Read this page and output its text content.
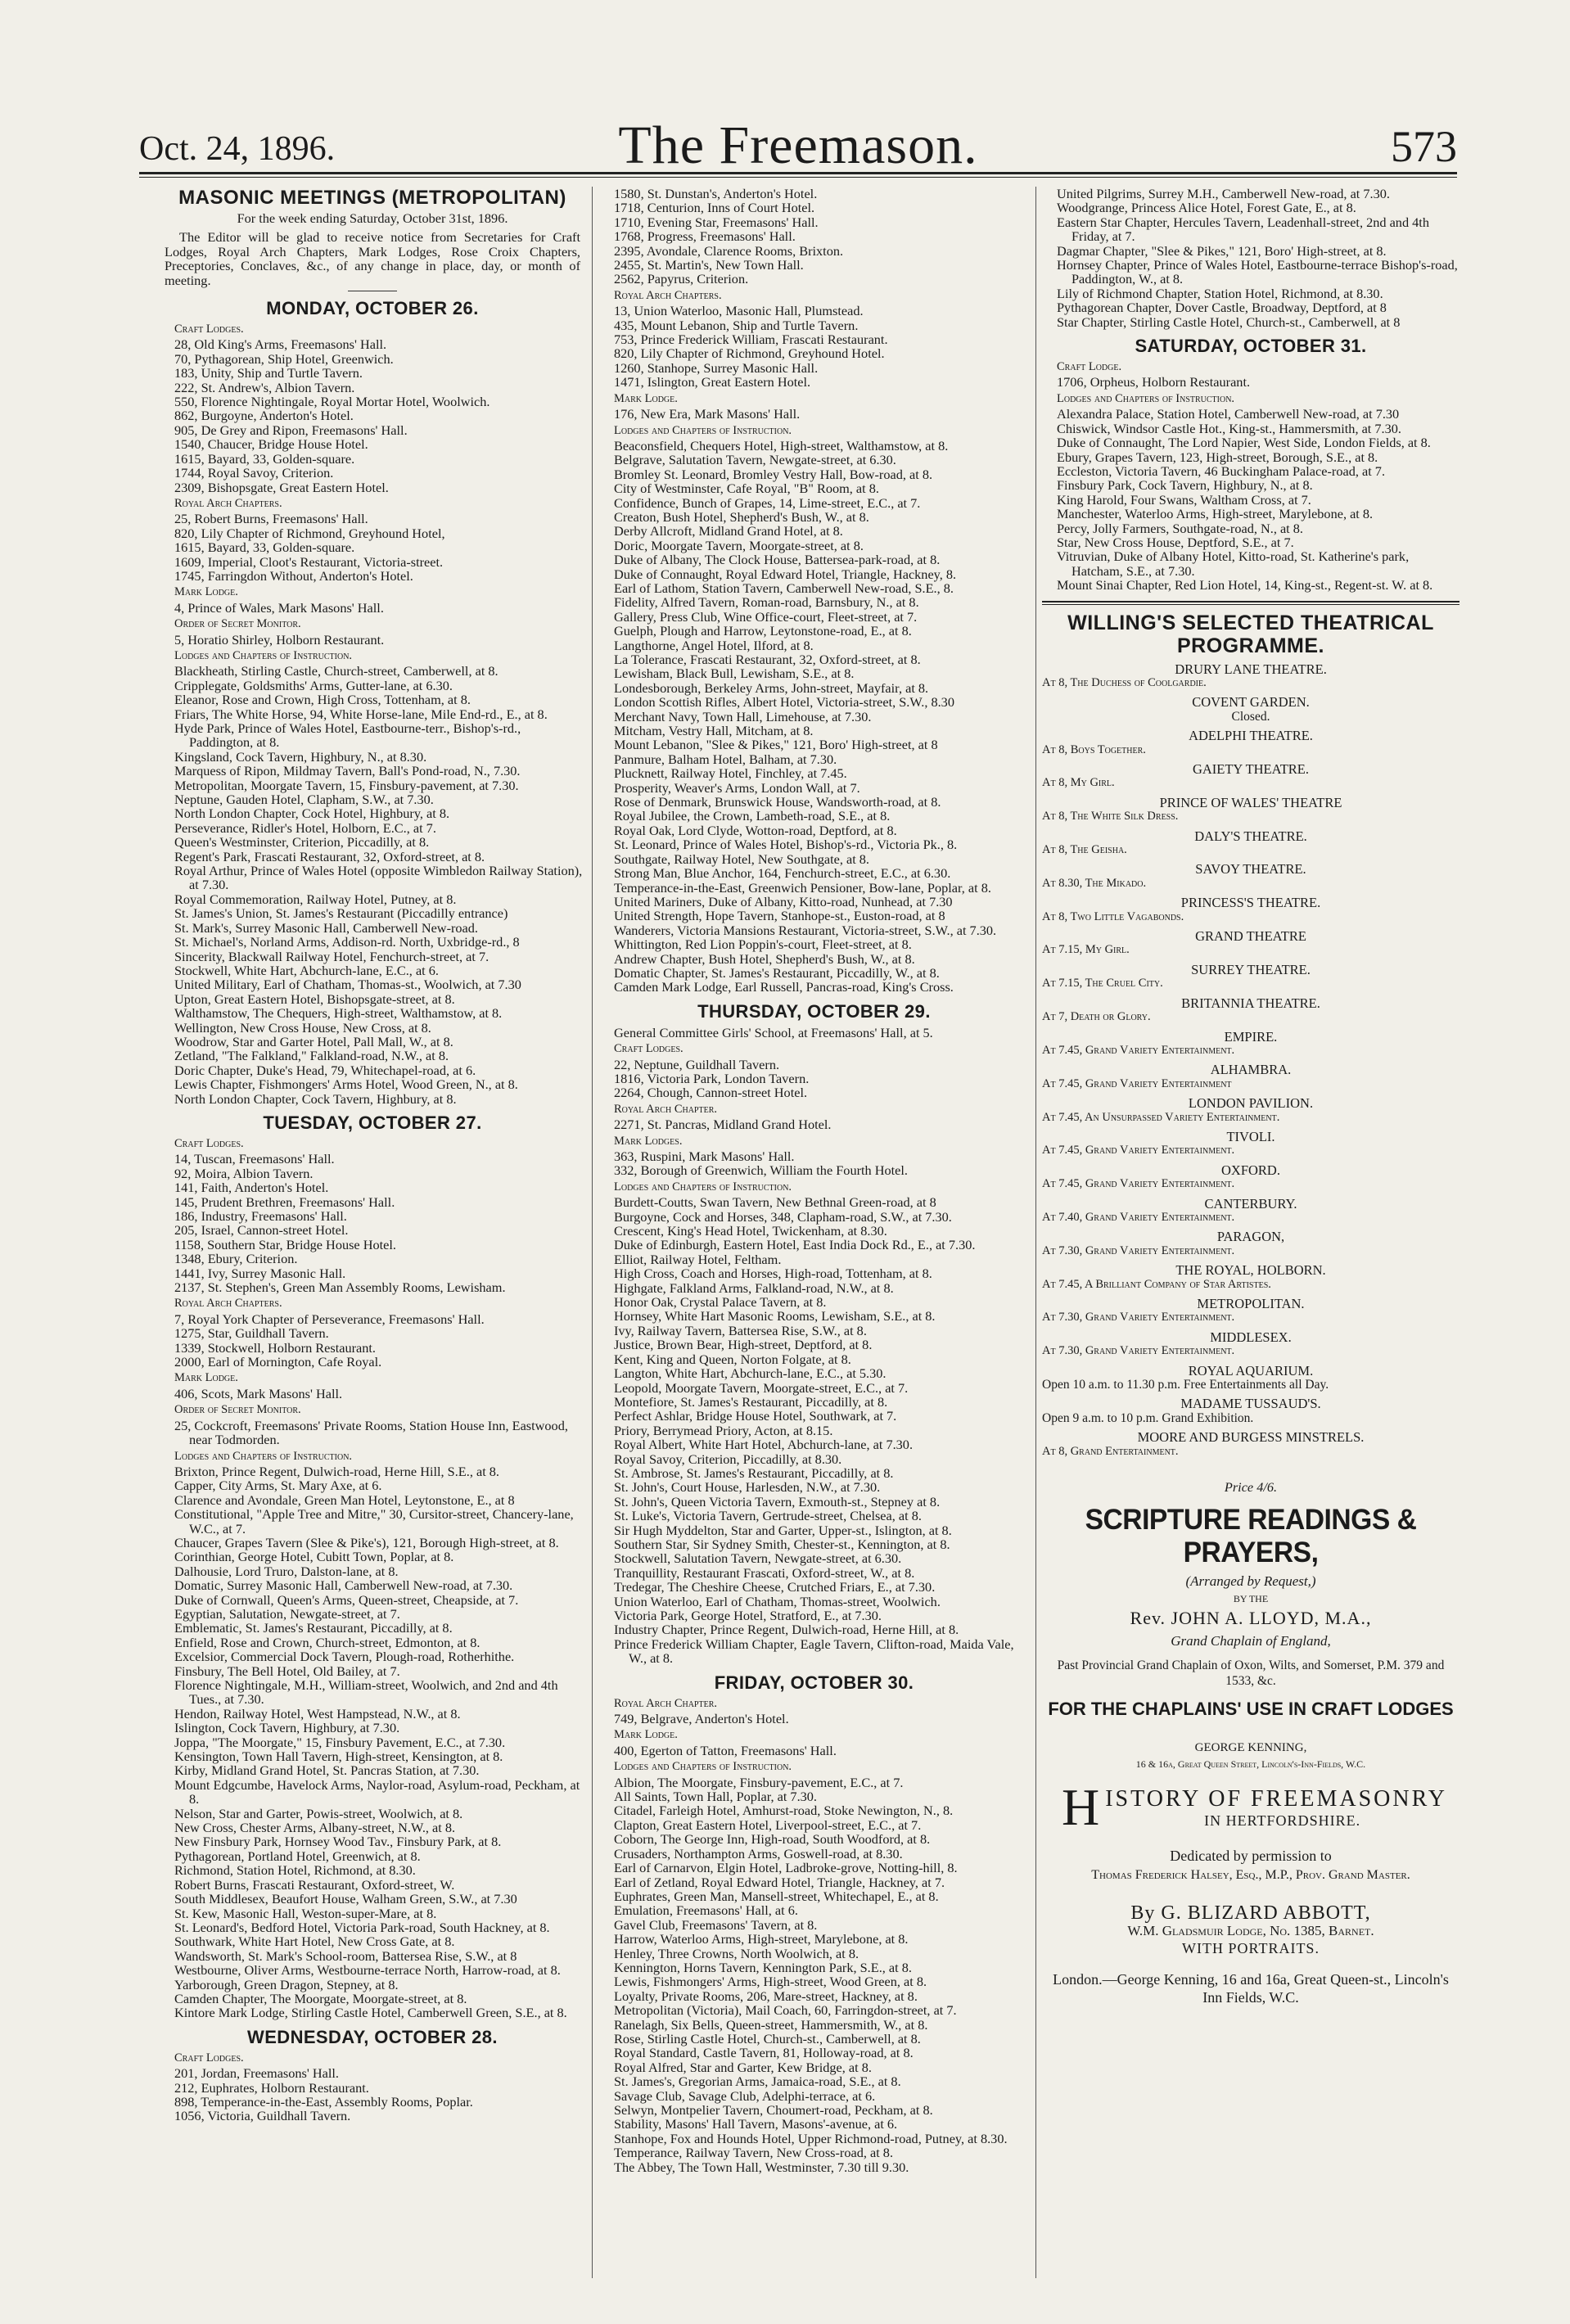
Oct. 24, 1896.	The Freemason.	573
MASONIC MEETINGS (METROPOLITAN)
For the week ending Saturday, October 31st, 1896.
The Editor will be glad to receive notice from Secretaries for Craft Lodges, Royal Arch Chapters, Mark Lodges, Rose Croix Chapters, Preceptories, Conclaves, &c., of any change in place, day, or month of meeting.
MONDAY, OCTOBER 26.
Craft Lodges.
28, Old King's Arms, Freemasons' Hall.
70, Pythagorean, Ship Hotel, Greenwich.
183, Unity, Ship and Turtle Tavern.
222, St. Andrew's, Albion Tavern.
550, Florence Nightingale, Royal Mortar Hotel, Woolwich.
862, Burgoyne, Anderton's Hotel.
905, De Grey and Ripon, Freemasons' Hall.
1540, Chaucer, Bridge House Hotel.
1615, Bayard, 33, Golden-square.
1744, Royal Savoy, Criterion.
2309, Bishopsgate, Great Eastern Hotel.
Royal Arch Chapters.
25, Robert Burns, Freemasons' Hall.
820, Lily Chapter of Richmond, Greyhound Hotel,
1615, Bayard, 33, Golden-square.
1609, Imperial, Cloot's Restaurant, Victoria-street.
1745, Farringdon Without, Anderton's Hotel.
Mark Lodge.
4, Prince of Wales, Mark Masons' Hall.
Order of Secret Monitor.
5, Horatio Shirley, Holborn Restaurant.
Lodges and Chapters of Instruction.
Blackheath, Stirling Castle, Church-street, Camberwell, at 8.
Cripplegate, Goldsmiths' Arms, Gutter-lane, at 6.30.
Eleanor, Rose and Crown, High Cross, Tottenham, at 8.
Friars, The White Horse, 94, White Horse-lane, Mile End-rd., E., at 8.
Hyde Park, Prince of Wales Hotel, Eastbourne-terr., Bishop's-rd., Paddington, at 8.
Kingsland, Cock Tavern, Highbury, N., at 8.30.
Marquess of Ripon, Mildmay Tavern, Ball's Pond-road, N., 7.30.
Metropolitan, Moorgate Tavern, 15, Finsbury-pavement, at 7.30.
Neptune, Gauden Hotel, Clapham, S.W., at 7.30.
North London Chapter, Cock Hotel, Highbury, at 8.
Perseverance, Ridler's Hotel, Holborn, E.C., at 7.
Queen's Westminster, Criterion, Piccadilly, at 8.
Regent's Park, Frascati Restaurant, 32, Oxford-street, at 8.
Royal Arthur, Prince of Wales Hotel (opposite Wimbledon Railway Station), at 7.30.
Royal Commemoration, Railway Hotel, Putney, at 8.
St. James's Union, St. James's Restaurant (Piccadilly entrance)
St. Mark's, Surrey Masonic Hall, Camberwell New-road.
St. Michael's, Norland Arms, Addison-rd. North, Uxbridge-rd., 8
Sincerity, Blackwall Railway Hotel, Fenchurch-street, at 7.
Stockwell, White Hart, Abchurch-lane, E.C., at 6.
United Military, Earl of Chatham, Thomas-st., Woolwich, at 7.30
Upton, Great Eastern Hotel, Bishopsgate-street, at 8.
Walthamstow, The Chequers, High-street, Walthamstow, at 8.
Wellington, New Cross House, New Cross, at 8.
Woodrow, Star and Garter Hotel, Pall Mall, W., at 8.
Zetland, "The Falkland," Falkland-road, N.W., at 8.
Doric Chapter, Duke's Head, 79, Whitechapel-road, at 6.
Lewis Chapter, Fishmongers' Arms Hotel, Wood Green, N., at 8.
North London Chapter, Cock Tavern, Highbury, at 8.
TUESDAY, OCTOBER 27.
Craft Lodges.
14, Tuscan, Freemasons' Hall.
92, Moira, Albion Tavern.
141, Faith, Anderton's Hotel.
145, Prudent Brethren, Freemasons' Hall.
186, Industry, Freemasons' Hall.
205, Israel, Cannon-street Hotel.
1158, Southern Star, Bridge House Hotel.
1348, Ebury, Criterion.
1441, Ivy, Surrey Masonic Hall.
2137, St. Stephen's, Green Man Assembly Rooms, Lewisham.
Royal Arch Chapters.
7, Royal York Chapter of Perseverance, Freemasons' Hall.
1275, Star, Guildhall Tavern.
1339, Stockwell, Holborn Restaurant.
2000, Earl of Mornington, Cafe Royal.
Mark Lodge.
406, Scots, Mark Masons' Hall.
Order of Secret Monitor.
25, Cockcroft, Freemasons' Private Rooms, Station House Inn, Eastwood, near Todmorden.
Lodges and Chapters of Instruction.
Brixton, Prince Regent, Dulwich-road, Herne Hill, S.E., at 8.
Capper, City Arms, St. Mary Axe, at 6.
Clarence and Avondale, Green Man Hotel, Leytonstone, E., at 8
Constitutional, "Apple Tree and Mitre," 30, Cursitor-street, Chancery-lane, W.C., at 7.
Chaucer, Grapes Tavern (Slee & Pike's), 121, Borough High-street, at 8.
Corinthian, George Hotel, Cubitt Town, Poplar, at 8.
Dalhousie, Lord Truro, Dalston-lane, at 8.
Domatic, Surrey Masonic Hall, Camberwell New-road, at 7.30.
Duke of Cornwall, Queen's Arms, Queen-street, Cheapside, at 7.
Egyptian, Salutation, Newgate-street, at 7.
Emblematic, St. James's Restaurant, Piccadilly, at 8.
Enfield, Rose and Crown, Church-street, Edmonton, at 8.
Excelsior, Commercial Dock Tavern, Plough-road, Rotherhithe.
Finsbury, The Bell Hotel, Old Bailey, at 7.
Florence Nightingale, M.H., William-street, Woolwich, and 2nd and 4th Tues., at 7.30.
Hendon, Railway Hotel, West Hampstead, N.W., at 8.
Islington, Cock Tavern, Highbury, at 7.30.
Joppa, "The Moorgate," 15, Finsbury Pavement, E.C., at 7.30.
Kensington, Town Hall Tavern, High-street, Kensington, at 8.
Kirby, Midland Grand Hotel, St. Pancras Station, at 7.30.
Mount Edgcumbe, Havelock Arms, Naylor-road, Asylum-road, Peckham, at 8.
Nelson, Star and Garter, Powis-street, Woolwich, at 8.
New Cross, Chester Arms, Albany-street, N.W., at 8.
New Finsbury Park, Hornsey Wood Tav., Finsbury Park, at 8.
Pythagorean, Portland Hotel, Greenwich, at 8.
Richmond, Station Hotel, Richmond, at 8.30.
Robert Burns, Frascati Restaurant, Oxford-street, W.
South Middlesex, Beaufort House, Walham Green, S.W., at 7.30
St. Kew, Masonic Hall, Weston-super-Mare, at 8.
St. Leonard's, Bedford Hotel, Victoria Park-road, South Hackney, at 8.
Southwark, White Hart Hotel, New Cross Gate, at 8.
Wandsworth, St. Mark's School-room, Battersea Rise, S.W., at 8
Westbourne, Oliver Arms, Westbourne-terrace North, Harrow-road, at 8.
Yarborough, Green Dragon, Stepney, at 8.
Camden Chapter, The Moorgate, Moorgate-street, at 8.
Kintore Mark Lodge, Stirling Castle Hotel, Camberwell Green, S.E., at 8.
WEDNESDAY, OCTOBER 28.
Craft Lodges.
201, Jordan, Freemasons' Hall.
212, Euphrates, Holborn Restaurant.
898, Temperance-in-the-East, Assembly Rooms, Poplar.
1056, Victoria, Guildhall Tavern.
1580, St. Dunstan's, Anderton's Hotel.
1718, Centurion, Inns of Court Hotel.
1710, Evening Star, Freemasons' Hall.
1768, Progress, Freemasons' Hall.
2395, Avondale, Clarence Rooms, Brixton.
2455, St. Martin's, New Town Hall.
2562, Papyrus, Criterion.
Royal Arch Chapters.
13, Union Waterloo, Masonic Hall, Plumstead.
435, Mount Lebanon, Ship and Turtle Tavern.
753, Prince Frederick William, Frascati Restaurant.
820, Lily Chapter of Richmond, Greyhound Hotel.
1260, Stanhope, Surrey Masonic Hall.
1471, Islington, Great Eastern Hotel.
Mark Lodge.
176, New Era, Mark Masons' Hall.
Lodges and Chapters of Instruction.
Beaconsfield, Chequers Hotel, High-street, Walthamstow, at 8.
Belgrave, Salutation Tavern, Newgate-street, at 6.30.
Bromley St. Leonard, Bromley Vestry Hall, Bow-road, at 8.
City of Westminster, Cafe Royal, "B" Room, at 8.
Confidence, Bunch of Grapes, 14, Lime-street, E.C., at 7.
Creaton, Bush Hotel, Shepherd's Bush, W., at 8.
Derby Allcroft, Midland Grand Hotel, at 8.
Doric, Moorgate Tavern, Moorgate-street, at 8.
Duke of Albany, The Clock House, Battersea-park-road, at 8.
Duke of Connaught, Royal Edward Hotel, Triangle, Hackney, 8.
Earl of Lathom, Station Tavern, Camberwell New-road, S.E., 8.
Fidelity, Alfred Tavern, Roman-road, Barnsbury, N., at 8.
Gallery, Press Club, Wine Office-court, Fleet-street, at 7.
Guelph, Plough and Harrow, Leytonstone-road, E., at 8.
Langthorne, Angel Hotel, Ilford, at 8.
La Tolerance, Frascati Restaurant, 32, Oxford-street, at 8.
Lewisham, Black Bull, Lewisham, S.E., at 8.
Londesborough, Berkeley Arms, John-street, Mayfair, at 8.
London Scottish Rifles, Albert Hotel, Victoria-street, S.W., 8.30
Merchant Navy, Town Hall, Limehouse, at 7.30.
Mitcham, Vestry Hall, Mitcham, at 8.
Mount Lebanon, "Slee & Pikes," 121, Boro' High-street, at 8
Panmure, Balham Hotel, Balham, at 7.30.
Plucknett, Railway Hotel, Finchley, at 7.45.
Prosperity, Weaver's Arms, London Wall, at 7.
Rose of Denmark, Brunswick House, Wandsworth-road, at 8.
Royal Jubilee, the Crown, Lambeth-road, S.E., at 8.
Royal Oak, Lord Clyde, Wotton-road, Deptford, at 8.
St. Leonard, Prince of Wales Hotel, Bishop's-rd., Victoria Pk., 8.
Southgate, Railway Hotel, New Southgate, at 8.
Strong Man, Blue Anchor, 164, Fenchurch-street, E.C., at 6.30.
Temperance-in-the-East, Greenwich Pensioner, Bow-lane, Poplar, at 8.
United Mariners, Duke of Albany, Kitto-road, Nunhead, at 7.30
United Strength, Hope Tavern, Stanhope-st., Euston-road, at 8
Wanderers, Victoria Mansions Restaurant, Victoria-street, S.W., at 7.30.
Whittington, Red Lion Poppin's-court, Fleet-street, at 8.
Andrew Chapter, Bush Hotel, Shepherd's Bush, W., at 8.
Domatic Chapter, St. James's Restaurant, Piccadilly, W., at 8.
Camden Mark Lodge, Earl Russell, Pancras-road, King's Cross.
THURSDAY, OCTOBER 29.
General Committee Girls' School, at Freemasons' Hall, at 5.
Craft Lodges.
22, Neptune, Guildhall Tavern.
1816, Victoria Park, London Tavern.
2264, Chough, Cannon-street Hotel.
Royal Arch Chapter.
2271, St. Pancras, Midland Grand Hotel.
Mark Lodges.
363, Ruspini, Mark Masons' Hall.
332, Borough of Greenwich, William the Fourth Hotel.
Lodges and Chapters of Instruction.
Burdett-Coutts, Swan Tavern, New Bethnal Green-road, at 8
Burgoyne, Cock and Horses, 348, Clapham-road, S.W., at 7.30.
Crescent, King's Head Hotel, Twickenham, at 8.30.
Duke of Edinburgh, Eastern Hotel, East India Dock Rd., E., at 7.30.
Elliot, Railway Hotel, Feltham.
High Cross, Coach and Horses, High-road, Tottenham, at 8.
Highgate, Falkland Arms, Falkland-road, N.W., at 8.
Honor Oak, Crystal Palace Tavern, at 8.
Hornsey, White Hart Masonic Rooms, Lewisham, S.E., at 8.
Ivy, Railway Tavern, Battersea Rise, S.W., at 8.
Justice, Brown Bear, High-street, Deptford, at 8.
Kent, King and Queen, Norton Folgate, at 8.
Langton, White Hart, Abchurch-lane, E.C., at 5.30.
Leopold, Moorgate Tavern, Moorgate-street, E.C., at 7.
Montefiore, St. James's Restaurant, Piccadilly, at 8.
Perfect Ashlar, Bridge House Hotel, Southwark, at 7.
Priory, Berrymead Priory, Acton, at 8.15.
Royal Albert, White Hart Hotel, Abchurch-lane, at 7.30.
Royal Savoy, Criterion, Piccadilly, at 8.30.
St. Ambrose, St. James's Restaurant, Piccadilly, at 8.
St. John's, Court House, Harlesden, N.W., at 7.30.
St. John's, Queen Victoria Tavern, Exmouth-st., Stepney at 8.
St. Luke's, Victoria Tavern, Gertrude-street, Chelsea, at 8.
Sir Hugh Myddelton, Star and Garter, Upper-st., Islington, at 8.
Southern Star, Sir Sydney Smith, Chester-st., Kennington, at 8.
Stockwell, Salutation Tavern, Newgate-street, at 6.30.
Tranquillity, Restaurant Frascati, Oxford-street, W., at 8.
Tredegar, The Cheshire Cheese, Crutched Friars, E., at 7.30.
Union Waterloo, Earl of Chatham, Thomas-street, Woolwich.
Victoria Park, George Hotel, Stratford, E., at 7.30.
Industry Chapter, Prince Regent, Dulwich-road, Herne Hill, at 8.
Prince Frederick William Chapter, Eagle Tavern, Clifton-road, Maida Vale, W., at 8.
FRIDAY, OCTOBER 30.
Royal Arch Chapter.
749, Belgrave, Anderton's Hotel.
Mark Lodge.
400, Egerton of Tatton, Freemasons' Hall.
Lodges and Chapters of Instruction.
Albion, The Moorgate, Finsbury-pavement, E.C., at 7.
All Saints, Town Hall, Poplar, at 7.30.
Citadel, Farleigh Hotel, Amhurst-road, Stoke Newington, N., 8.
Clapton, Great Eastern Hotel, Liverpool-street, E.C., at 7.
Coborn, The George Inn, High-road, South Woodford, at 8.
Crusaders, Northampton Arms, Goswell-road, at 8.30.
Earl of Carnarvon, Elgin Hotel, Ladbroke-grove, Notting-hill, 8.
Earl of Zetland, Royal Edward Hotel, Triangle, Hackney, at 7.
Euphrates, Green Man, Mansell-street, Whitechapel, E., at 8.
Emulation, Freemasons' Hall, at 6.
Gavel Club, Freemasons' Tavern, at 8.
Harrow, Waterloo Arms, High-street, Marylebone, at 8.
Henley, Three Crowns, North Woolwich, at 8.
Kennington, Horns Tavern, Kennington Park, S.E., at 8.
Lewis, Fishmongers' Arms, High-street, Wood Green, at 8.
Loyalty, Private Rooms, 206, Mare-street, Hackney, at 8.
Metropolitan (Victoria), Mail Coach, 60, Farringdon-street, at 7.
Ranelagh, Six Bells, Queen-street, Hammersmith, W., at 8.
Rose, Stirling Castle Hotel, Church-st., Camberwell, at 8.
Royal Standard, Castle Tavern, 81, Holloway-road, at 8.
Royal Alfred, Star and Garter, Kew Bridge, at 8.
St. James's, Gregorian Arms, Jamaica-road, S.E., at 8.
Savage Club, Savage Club, Adelphi-terrace, at 6.
Selwyn, Montpelier Tavern, Choumert-road, Peckham, at 8.
Stability, Masons' Hall Tavern, Masons'-avenue, at 6.
Stanhope, Fox and Hounds Hotel, Upper Richmond-road, Putney, at 8.30.
Temperance, Railway Tavern, New Cross-road, at 8.
The Abbey, The Town Hall, Westminster, 7.30 till 9.30.
United Pilgrims, Surrey M.H., Camberwell New-road, at 7.30.
Woodgrange, Princess Alice Hotel, Forest Gate, E., at 8.
Eastern Star Chapter, Hercules Tavern, Leadenhall-street, 2nd and 4th Friday, at 7.
Dagmar Chapter, "Slee & Pikes," 121, Boro' High-street, at 8.
Hornsey Chapter, Prince of Wales Hotel, Eastbourne-terrace Bishop's-road, Paddington, W., at 8.
Lily of Richmond Chapter, Station Hotel, Richmond, at 8.30.
Pythagorean Chapter, Dover Castle, Broadway, Deptford, at 8
Star Chapter, Stirling Castle Hotel, Church-st., Camberwell, at 8
SATURDAY, OCTOBER 31.
Craft Lodge.
1706, Orpheus, Holborn Restaurant.
Lodges and Chapters of Instruction.
Alexandra Palace, Station Hotel, Camberwell New-road, at 7.30
Chiswick, Windsor Castle Hot., King-st., Hammersmith, at 7.30.
Duke of Connaught, The Lord Napier, West Side, London Fields, at 8.
Ebury, Grapes Tavern, 123, High-street, Borough, S.E., at 8.
Eccleston, Victoria Tavern, 46 Buckingham Palace-road, at 7.
Finsbury Park, Cock Tavern, Highbury, N., at 8.
King Harold, Four Swans, Waltham Cross, at 7.
Manchester, Waterloo Arms, High-street, Marylebone, at 8.
Percy, Jolly Farmers, Southgate-road, N., at 8.
Star, New Cross House, Deptford, S.E., at 7.
Vitruvian, Duke of Albany Hotel, Kitto-road, St. Katherine's park, Hatcham, S.E., at 7.30.
Mount Sinai Chapter, Red Lion Hotel, 14, King-st., Regent-st. W. at 8.
WILLING'S SELECTED THEATRICAL PROGRAMME.
DRURY LANE THEATRE.
At 8, The Duchess of Coolgardie.
COVENT GARDEN.
Closed.
ADELPHI THEATRE.
At 8, Boys Together.
GAIETY THEATRE.
At 8, My Girl.
PRINCE OF WALES' THEATRE
At 8, The White Silk Dress.
DALY'S THEATRE.
At 8, The Geisha.
SAVOY THEATRE.
At 8.30, The Mikado.
PRINCESS'S THEATRE.
At 8, Two Little Vagabonds.
GRAND THEATRE
At 7.15, My Girl.
SURREY THEATRE.
At 7.15, The Cruel City.
BRITANNIA THEATRE.
At 7, Death or Glory.
EMPIRE.
At 7.45, Grand Variety Entertainment.
ALHAMBRA.
At 7.45, Grand Variety Entertainment
LONDON PAVILION.
At 7.45, An Unsurpassed Variety Entertainment.
TIVOLI.
At 7.45, Grand Variety Entertainment.
OXFORD.
At 7.45, Grand Variety Entertainment.
CANTERBURY.
At 7.40, Grand Variety Entertainment.
PARAGON,
At 7.30, Grand Variety Entertainment.
THE ROYAL, HOLBORN.
At 7.45, A Brilliant Company of Star Artistes.
METROPOLITAN.
At 7.30, Grand Variety Entertainment.
MIDDLESEX.
At 7.30, Grand Variety Entertainment.
ROYAL AQUARIUM.
Open 10 a.m. to 11.30 p.m. Free Entertainments all Day.
MADAME TUSSAUD'S.
Open 9 a.m. to 10 p.m. Grand Exhibition.
MOORE AND BURGESS MINSTRELS.
At 8, Grand Entertainment.
Price 4/6.
SCRIPTURE READINGS & PRAYERS,
(Arranged by Request,)
BY THE
Rev. JOHN A. LLOYD, M.A.,
Grand Chaplain of England,
Past Provincial Grand Chaplain of Oxon, Wilts, and Somerset, P.M. 379 and 1533, &c.
FOR THE CHAPLAINS' USE IN CRAFT LODGES
GEORGE KENNING,
16 & 16a, Great Queen Street, Lincoln's-Inn-Fields, W.C.
H ISTORY OF FREEMASONRY
IN HERTFORDSHIRE.
Dedicated by permission to
Thomas Frederick Halsey, Esq., M.P., Prov. Grand Master.
By G. BLIZARD ABBOTT,
W.M. Gladsmuir Lodge, No. 1385, Barnet.
WITH PORTRAITS.
London.—George Kenning, 16 and 16a, Great Queen-st., Lincoln's Inn Fields, W.C.
